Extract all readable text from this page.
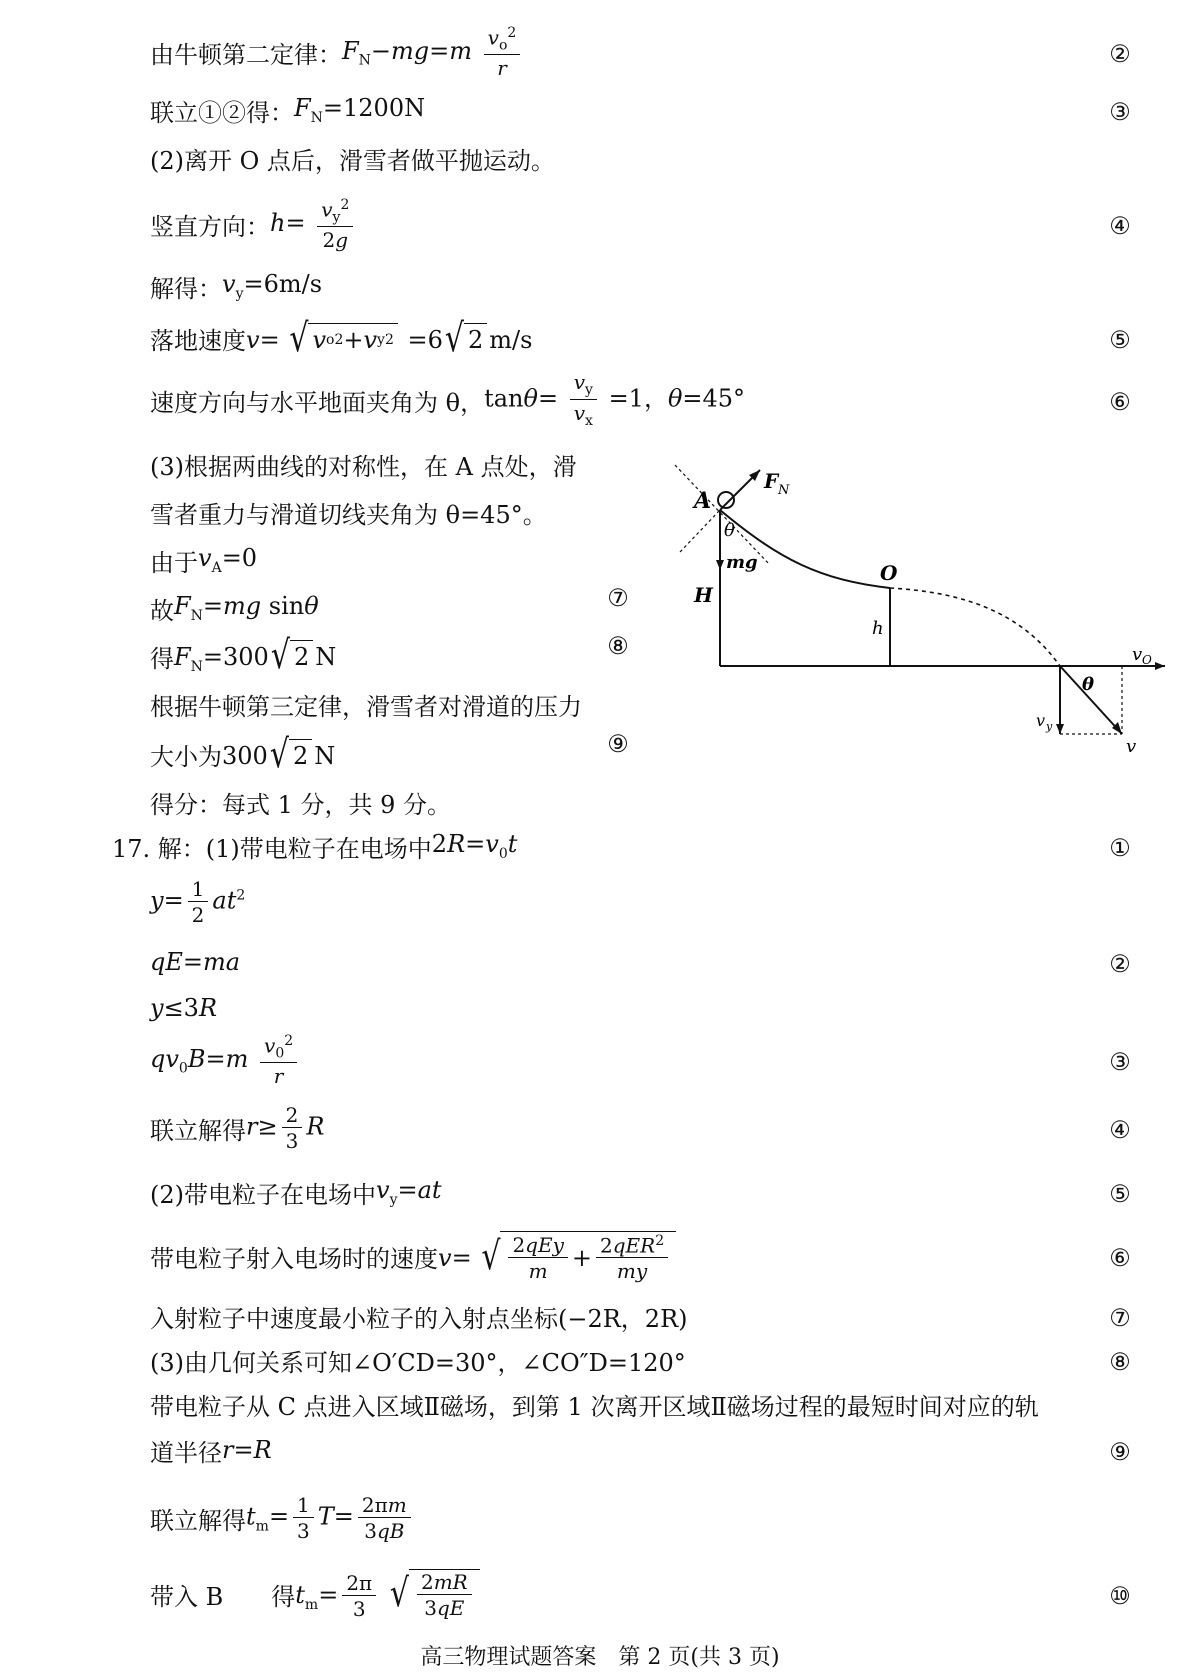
由牛顿第二定律： $F_N-mg=m \frac{v_o^2}{r}$	②
联立①②得： $F_N=1200N$	③
(2)离开 O 点后，滑雪者做平抛运动。
竖直方向： $h= \frac{v_y^2}{2g}$	④
解得： $v_y=6m/s$
落地速度 v= √ v o 2 + v y 2 =6 √ 2 m/s	⑤
速度方向与水平地面夹角为 θ， $\tan\theta= \frac{v_y}{v_x} =1$，θ=45°	⑥
(3)根据两曲线的对称性，在 A 点处，滑
雪者重力与滑道切线夹角为 θ=45°。
由于 $v_A=0$
故 $F_N=mg$ sinθ	⑦
得 $F_N=300$ √ 2 N	⑧
根据牛顿第三定律，滑雪者对滑道的压力
大小为 300 √ 2 N	⑨
得分：每式 1 分，共 9 分。
17. 解：(1)带电粒子在电场中 $2R=v_0t$	①
$y= \frac{1}{2} at^2$
qE=ma	②
y≤3R
$qv_0B=m \frac{v_0^2}{r}$	③
联立解得 $r\ge \frac{2}{3}$ R	④
(2)带电粒子在电场中 $v_y=at$	⑤
带电粒子射入电场时的速度 v= √ $\frac{\text{2qEy}}{m} + \frac{2qER^2}{my}$	⑥
入射粒子中速度最小粒子的入射点坐标(−2R，2R)	⑦
(3)由几何关系可知∠O′CD=30°，∠CO″D=120°	⑧
带电粒子从 C 点进入区域Ⅱ磁场，到第 1 次离开区域Ⅱ磁场过程的最短时间对应的轨
道半径 r=R	⑨
联立解得 $t_m= \frac{1}{3} T= \frac{2\pi m}{3qB}$
带入 B　　得 $t_m= \frac{2\pi}{3}$
√ $\frac{2mR}{3qE}$	⑩
A
F N
θ
mg
H
O
h
v O
θ
v y
v
高三物理试题答案　第 2 页(共 3 页)
